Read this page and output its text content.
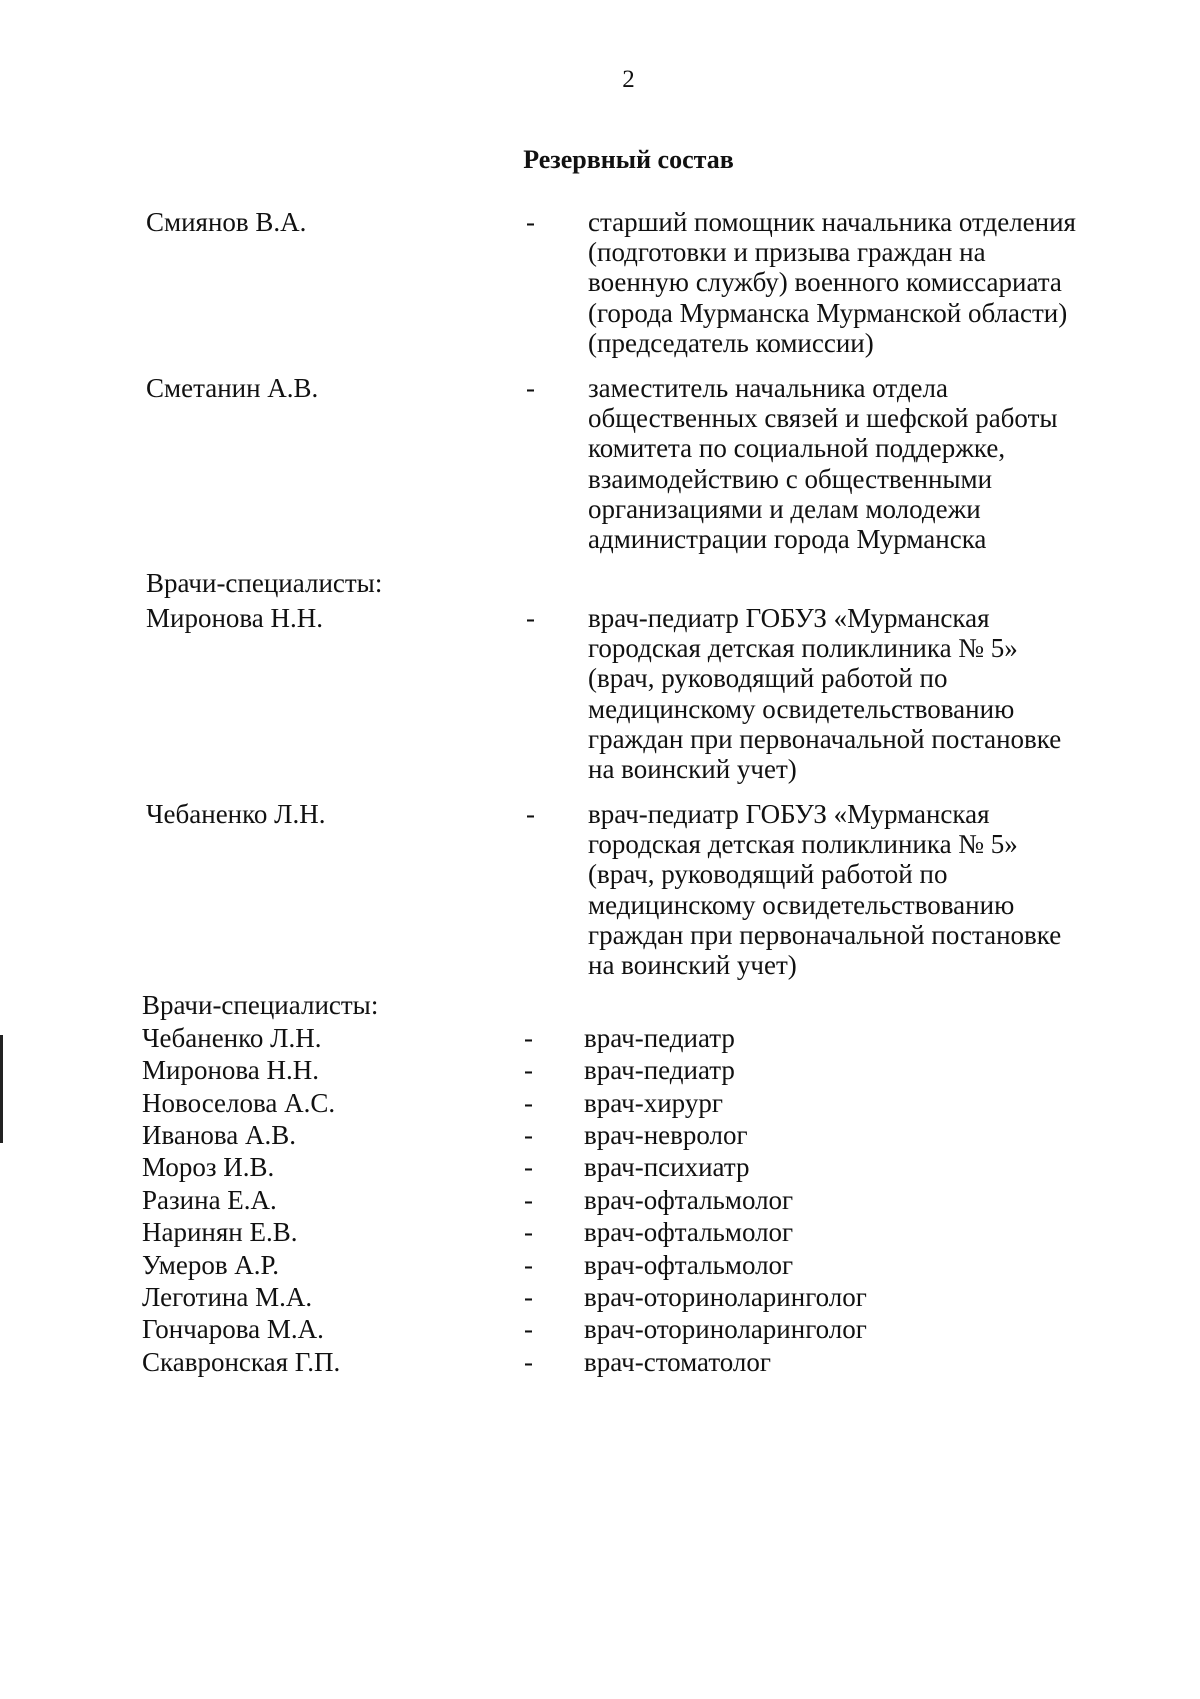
2
Резервный состав
Смиянов В.А.	- старший помощник начальника отделения
(подготовки и призыва граждан на
военную службу) военного комиссариата
(города Мурманска Мурманской области)
(председатель комиссии)
Сметанин А.В.	- заместитель начальника отдела
общественных связей и шефской работы
комитета по социальной поддержке,
взаимодействию с общественными
организациями и делам молодежи
администрации города Мурманска
Врачи-специалисты:
Миронова Н.Н.	- врач-педиатр ГОБУЗ «Мурманская
городская детская поликлиника № 5»
(врач, руководящий работой по
медицинскому освидетельствованию
граждан при первоначальной постановке
на воинский учет)
Чебаненко Л.Н.	- врач-педиатр ГОБУЗ «Мурманская
городская детская поликлиника № 5»
(врач, руководящий работой по
медицинскому освидетельствованию
граждан при первоначальной постановке
на воинский учет)
Врачи-специалисты:
Чебаненко Л.Н.	- врач-педиатр
Миронова Н.Н.	- врач-педиатр
Новоселова А.С.	- врач-хирург
Иванова А.В.	- врач-невролог
Мороз И.В.	- врач-психиатр
Разина Е.А.	- врач-офтальмолог
Наринян Е.В.	- врач-офтальмолог
Умеров А.Р.	- врач-офтальмолог
Леготина М.А.	- врач-оториноларинголог
Гончарова М.А.	- врач-оториноларинголог
Скавронская Г.П.	- врач-стоматолог
